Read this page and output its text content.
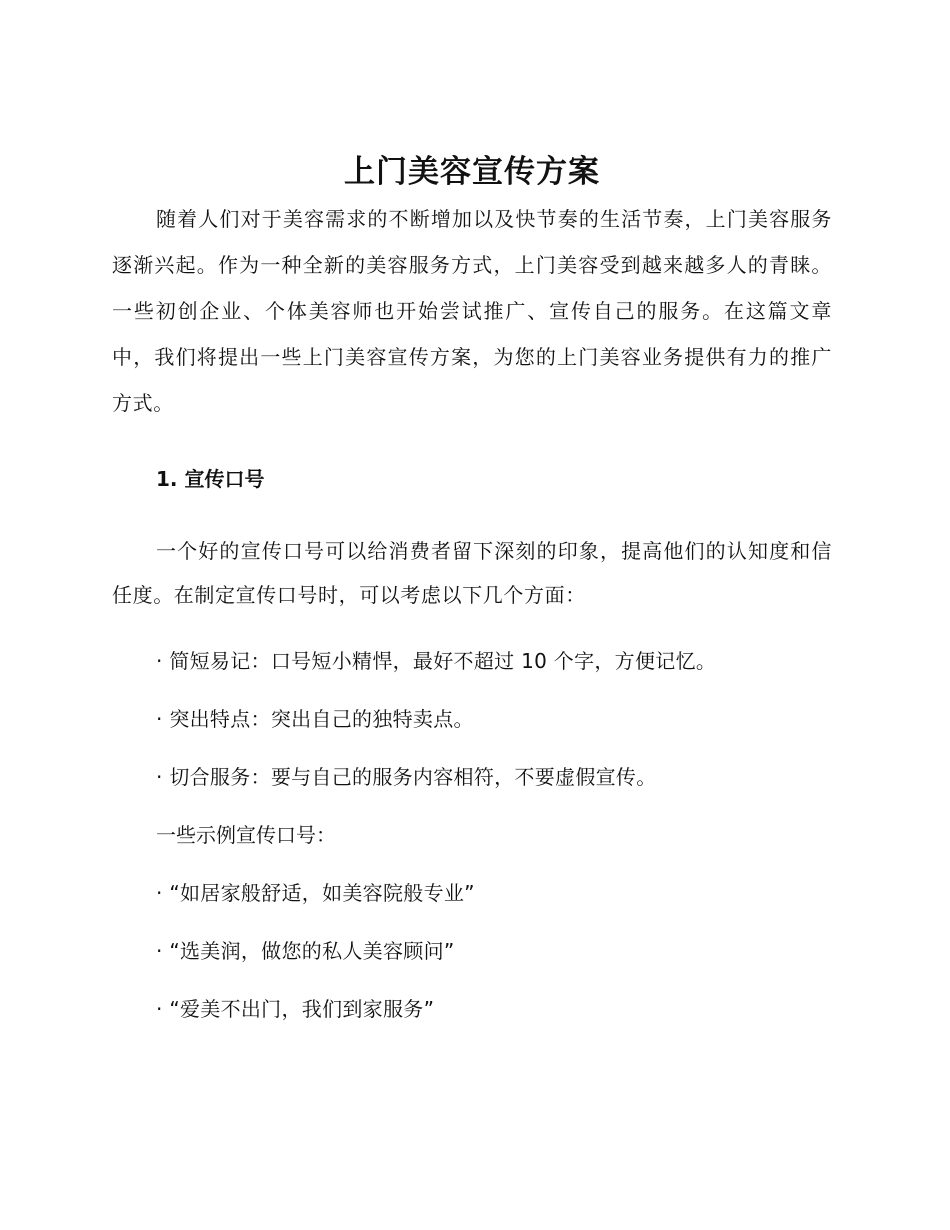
上门美容宣传方案

随着人们对于美容需求的不断增加以及快节奏的生活节奏，上门美容服务逐渐兴起。作为一种全新的美容服务方式，上门美容受到越来越多人的青睐。一些初创企业、个体美容师也开始尝试推广、宣传自己的服务。在这篇文章中，我们将提出一些上门美容宣传方案，为您的上门美容业务提供有力的推广方式。

1. 宣传口号

一个好的宣传口号可以给消费者留下深刻的印象，提高他们的认知度和信任度。在制定宣传口号时，可以考虑以下几个方面：

· 简短易记：口号短小精悍，最好不超过 10 个字，方便记忆。
· 突出特点：突出自己的独特卖点。
· 切合服务：要与自己的服务内容相符，不要虚假宣传。
一些示例宣传口号：
· “如居家般舒适，如美容院般专业”
· “选美润，做您的私人美容顾问”
· “爱美不出门，我们到家服务”
